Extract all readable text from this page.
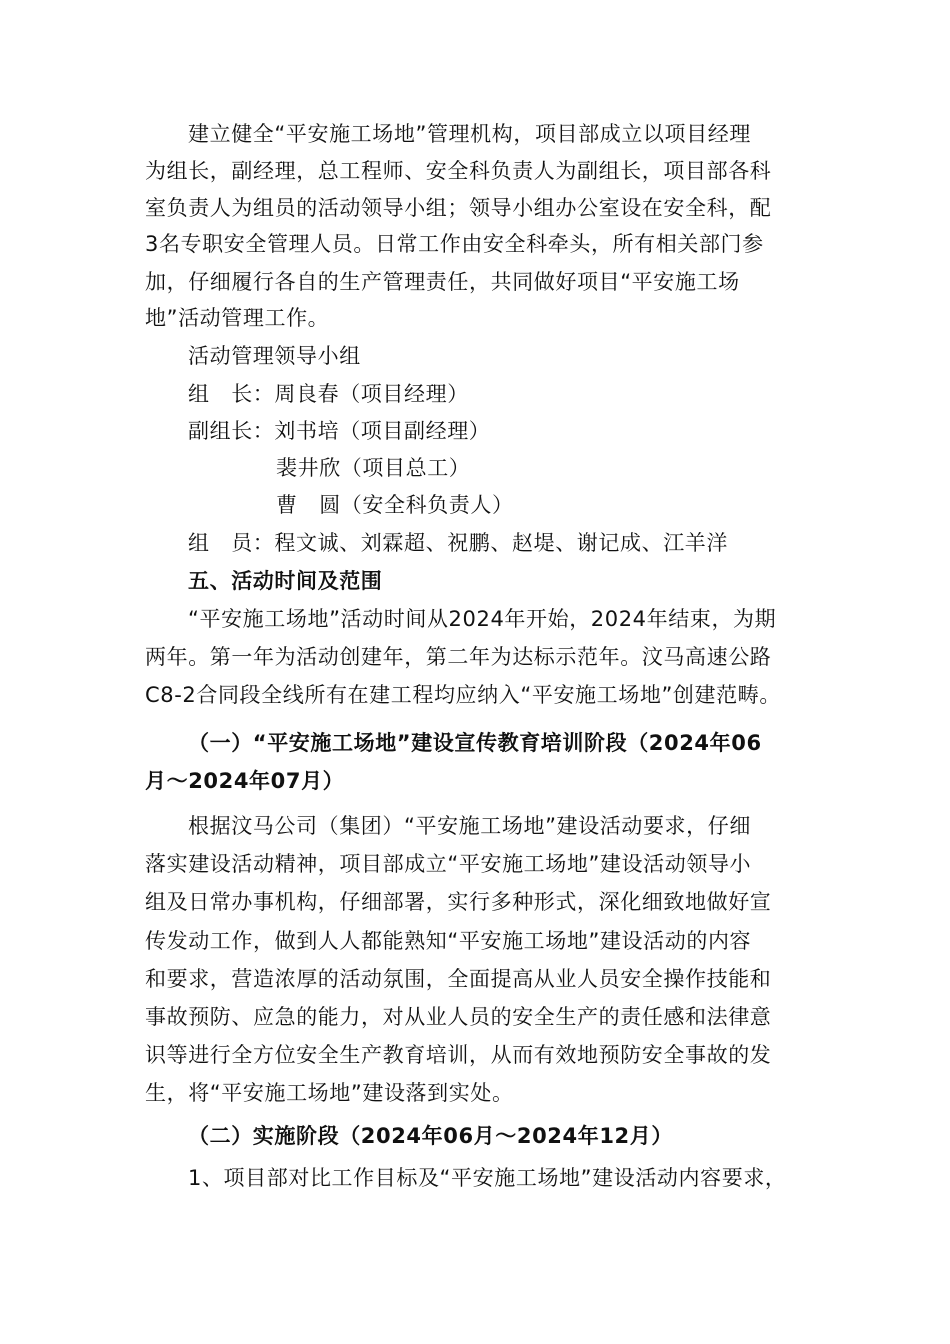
建立健全“平安施工场地”管理机构，项目部成立以项目经理

为组长，副经理，总工程师、安全科负责人为副组长，项目部各科

室负责人为组员的活动领导小组；领导小组办公室设在安全科，配

3名专职安全管理人员。日常工作由安全科牵头，所有相关部门参

加，仔细履行各自的生产管理责任，共同做好项目“平安施工场

地”活动管理工作。

活动管理领导小组

组　长：周良春（项目经理）

副组长：刘书培（项目副经理）

裴井欣（项目总工）

曹　圆（安全科负责人）

组　员：程文诚、刘霖超、祝鹏、赵堤、谢记成、江羊洋

五、活动时间及范围

“平安施工场地”活动时间从2024年开始，2024年结束，为期

两年。第一年为活动创建年，第二年为达标示范年。汶马高速公路

C8-2合同段全线所有在建工程均应纳入“平安施工场地”创建范畴。

（一）“平安施工场地”建设宣传教育培训阶段（2024年06

月～2024年07月）

根据汶马公司（集团）“平安施工场地”建设活动要求，仔细

落实建设活动精神，项目部成立“平安施工场地”建设活动领导小

组及日常办事机构，仔细部署，实行多种形式，深化细致地做好宣

传发动工作，做到人人都能熟知“平安施工场地”建设活动的内容

和要求，营造浓厚的活动氛围，全面提高从业人员安全操作技能和

事故预防、应急的能力，对从业人员的安全生产的责任感和法律意

识等进行全方位安全生产教育培训，从而有效地预防安全事故的发

生，将“平安施工场地”建设落到实处。

（二）实施阶段（2024年06月～2024年12月）

1、项目部对比工作目标及“平安施工场地”建设活动内容要求，
